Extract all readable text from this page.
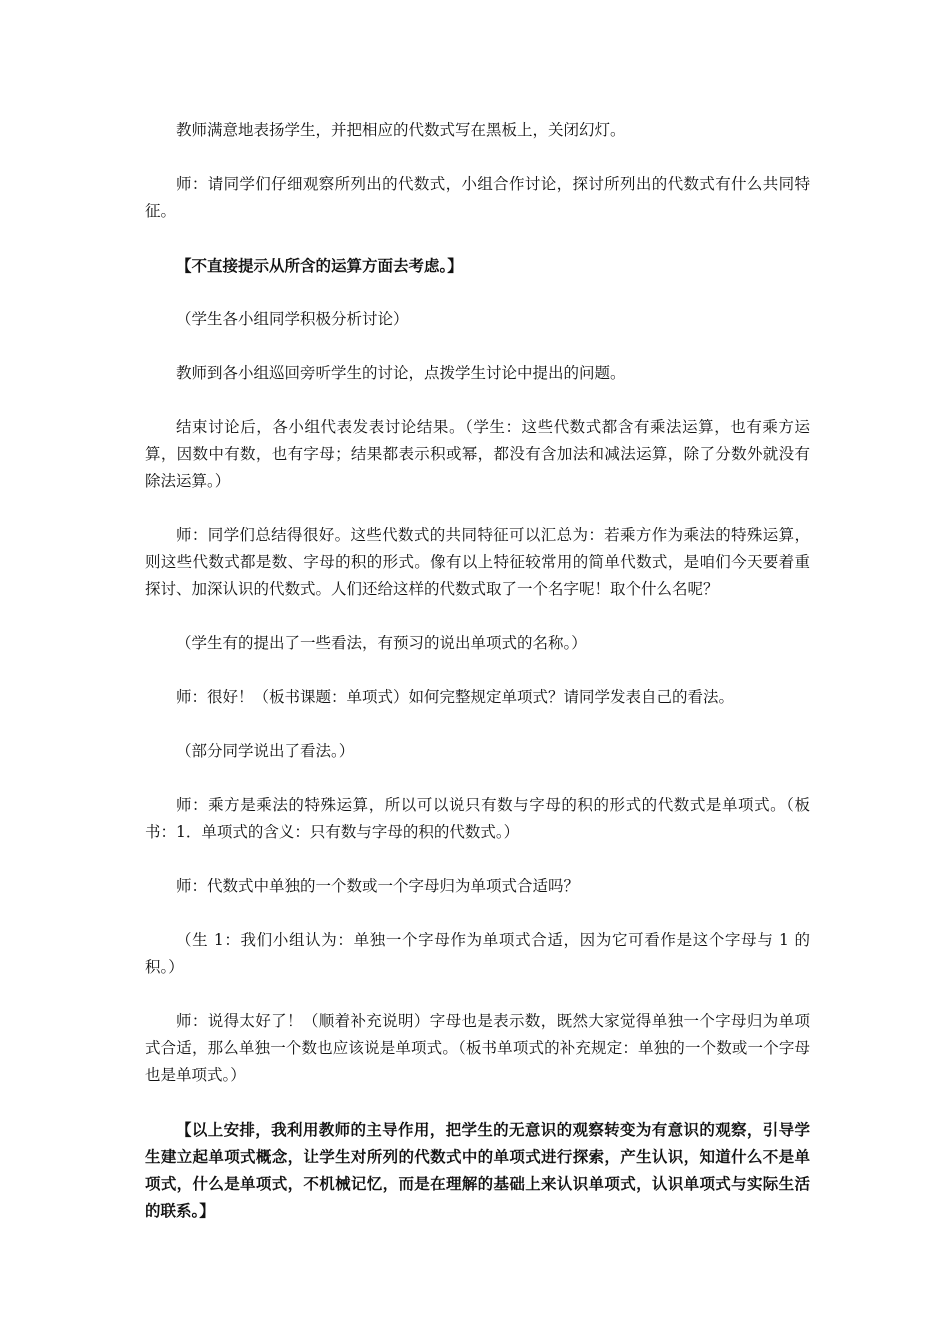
教师满意地表扬学生，并把相应的代数式写在黑板上，关闭幻灯。

师：请同学们仔细观察所列出的代数式，小组合作讨论，探讨所列出的代数式有什么共同特征。

【不直接提示从所含的运算方面去考虑。】

（学生各小组同学积极分析讨论）

教师到各小组巡回旁听学生的讨论，点拨学生讨论中提出的问题。

结束讨论后，各小组代表发表讨论结果。（学生：这些代数式都含有乘法运算，也有乘方运算，因数中有数，也有字母；结果都表示积或幂，都没有含加法和减法运算，除了分数外就没有除法运算。）

师：同学们总结得很好。这些代数式的共同特征可以汇总为：若乘方作为乘法的特殊运算，则这些代数式都是数、字母的积的形式。像有以上特征较常用的简单代数式，是咱们今天要着重探讨、加深认识的代数式。人们还给这样的代数式取了一个名字呢！取个什么名呢？

（学生有的提出了一些看法，有预习的说出单项式的名称。）

师：很好！（板书课题：单项式）如何完整规定单项式？请同学发表自己的看法。

（部分同学说出了看法。）

师：乘方是乘法的特殊运算，所以可以说只有数与字母的积的形式的代数式是单项式。（板书：1．单项式的含义：只有数与字母的积的代数式。）

师：代数式中单独的一个数或一个字母归为单项式合适吗？

（生 1：我们小组认为：单独一个字母作为单项式合适，因为它可看作是这个字母与 1 的积。）

师：说得太好了！（顺着补充说明）字母也是表示数，既然大家觉得单独一个字母归为单项式合适，那么单独一个数也应该说是单项式。（板书单项式的补充规定：单独的一个数或一个字母也是单项式。）

【以上安排，我利用教师的主导作用，把学生的无意识的观察转变为有意识的观察，引导学生建立起单项式概念，让学生对所列的代数式中的单项式进行探索，产生认识，知道什么不是单项式，什么是单项式，不机械记忆，而是在理解的基础上来认识单项式，认识单项式与实际生活的联系。】
